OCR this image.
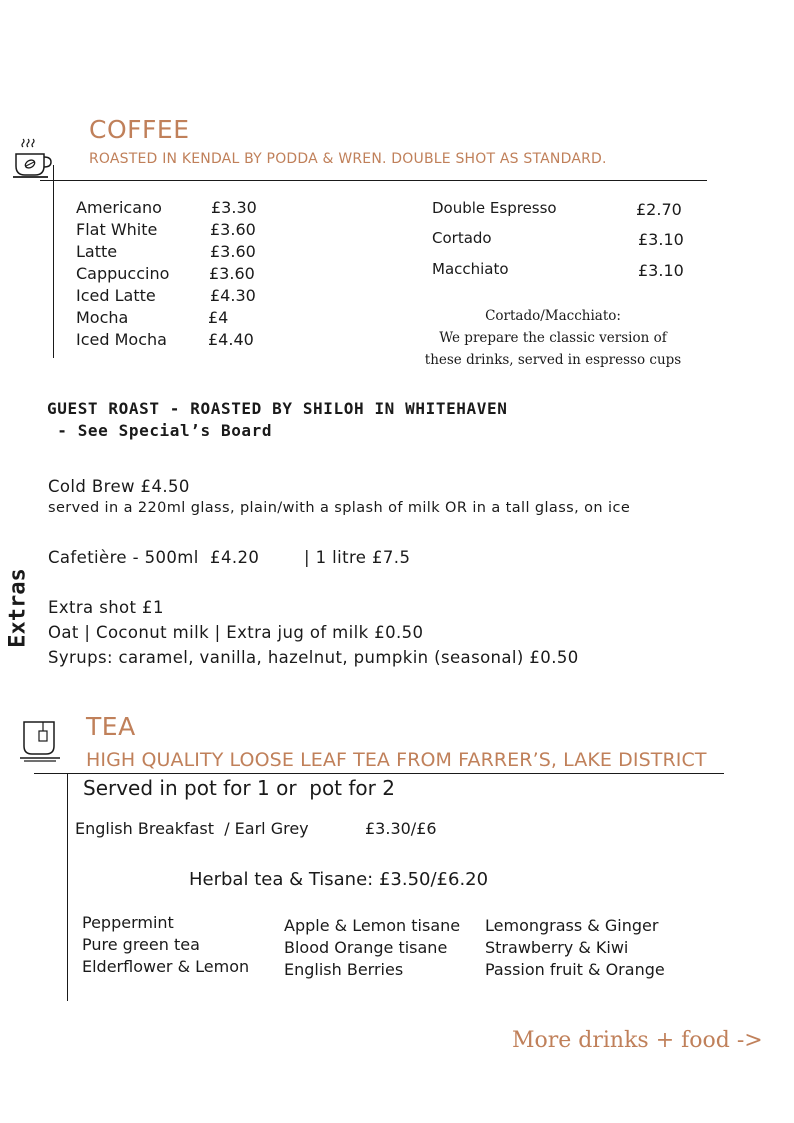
COFFEE
ROASTED IN KENDAL BY PODDA & WREN. DOUBLE SHOT AS STANDARD.
Americano	£3.30
Flat White	£3.60
Latte	£3.60
Cappuccino £3.60
Iced Latte	£4.30
Mocha	£4
Iced Mocha	£4.40
Double Espresso	£2.70
Cortado	£3.10
Macchiato	£3.10
Cortado/Macchiato:
We prepare the classic version of
these drinks, served in espresso cups
GUEST ROAST - ROASTED BY SHILOH IN WHITEHAVEN
- See Special’s Board
Extras
Cold Brew £4.50
served in a 220ml glass, plain/with a splash of milk OR in a tall glass, on ice
Cafetière - 500ml  £4.20	| 1 litre £7.5
Extra shot £1
Oat | Coconut milk | Extra jug of milk £0.50
Syrups: caramel, vanilla, hazelnut, pumpkin (seasonal) £0.50
TEA
HIGH QUALITY LOOSE LEAF TEA FROM FARRER’S, LAKE DISTRICT
Served in pot for 1 or  pot for 2
English Breakfast  / Earl Grey	£3.30/£6
Herbal tea & Tisane: £3.50/£6.20
Peppermint
Pure green tea
Elderflower & Lemon
Apple & Lemon tisane
Blood Orange tisane
English Berries
Lemongrass & Ginger
Strawberry & Kiwi
Passion fruit & Orange
More drinks + food ->
